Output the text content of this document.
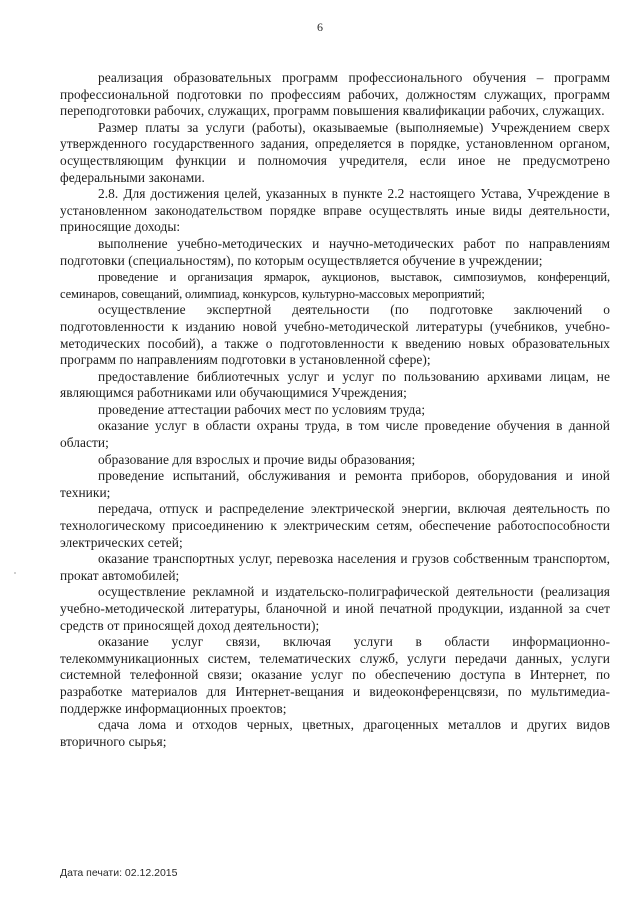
6

реализация образовательных программ профессионального обучения – программ профессиональной подготовки по профессиям рабочих, должностям служащих, программ переподготовки рабочих, служащих, программ повышения квалификации рабочих, служащих.

Размер платы за услуги (работы), оказываемые (выполняемые) Учреждением сверх утвержденного государственного задания, определяется в порядке, установленном органом, осуществляющим функции и полномочия учредителя, если иное не предусмотрено федеральными законами.

2.8. Для достижения целей, указанных в пункте 2.2 настоящего Устава, Учреждение в установленном законодательством порядке вправе осуществлять иные виды деятельности, приносящие доходы:

выполнение учебно-методических и научно-методических работ по направлениям подготовки (специальностям), по которым осуществляется обучение в учреждении;

проведение и организация ярмарок, аукционов, выставок, симпозиумов, конференций, семинаров, совещаний, олимпиад, конкурсов, культурно-массовых мероприятий;

осуществление экспертной деятельности (по подготовке заключений о подготовленности к изданию новой учебно-методической литературы (учебников, учебно-методических пособий), а также о подготовленности к введению новых образовательных программ по направлениям подготовки в установленной сфере);

предоставление библиотечных услуг и услуг по пользованию архивами лицам, не являющимся работниками или обучающимися Учреждения;

проведение аттестации рабочих мест по условиям труда;

оказание услуг в области охраны труда, в том числе проведение обучения в данной области;

образование для взрослых и прочие виды образования;

проведение испытаний, обслуживания и ремонта приборов, оборудования и иной техники;

передача, отпуск и распределение электрической энергии, включая деятельность по технологическому присоединению к электрическим сетям, обеспечение работоспособности электрических сетей;

оказание транспортных услуг, перевозка населения и грузов собственным транспортом, прокат автомобилей;

осуществление рекламной и издательско-полиграфической деятельности (реализация учебно-методической литературы, бланочной и иной печатной продукции, изданной за счет средств от приносящей доход деятельности);

оказание услуг связи, включая услуги в области информационно-телекоммуникационных систем, телематических служб, услуги передачи данных, услуги системной телефонной связи; оказание услуг по обеспечению доступа в Интернет, по разработке материалов для Интернет-вещания и видеоконференцсвязи, по мультимедиа-поддержке информационных проектов;

сдача лома и отходов черных, цветных, драгоценных металлов и других видов вторичного сырья;

Дата печати: 02.12.2015
